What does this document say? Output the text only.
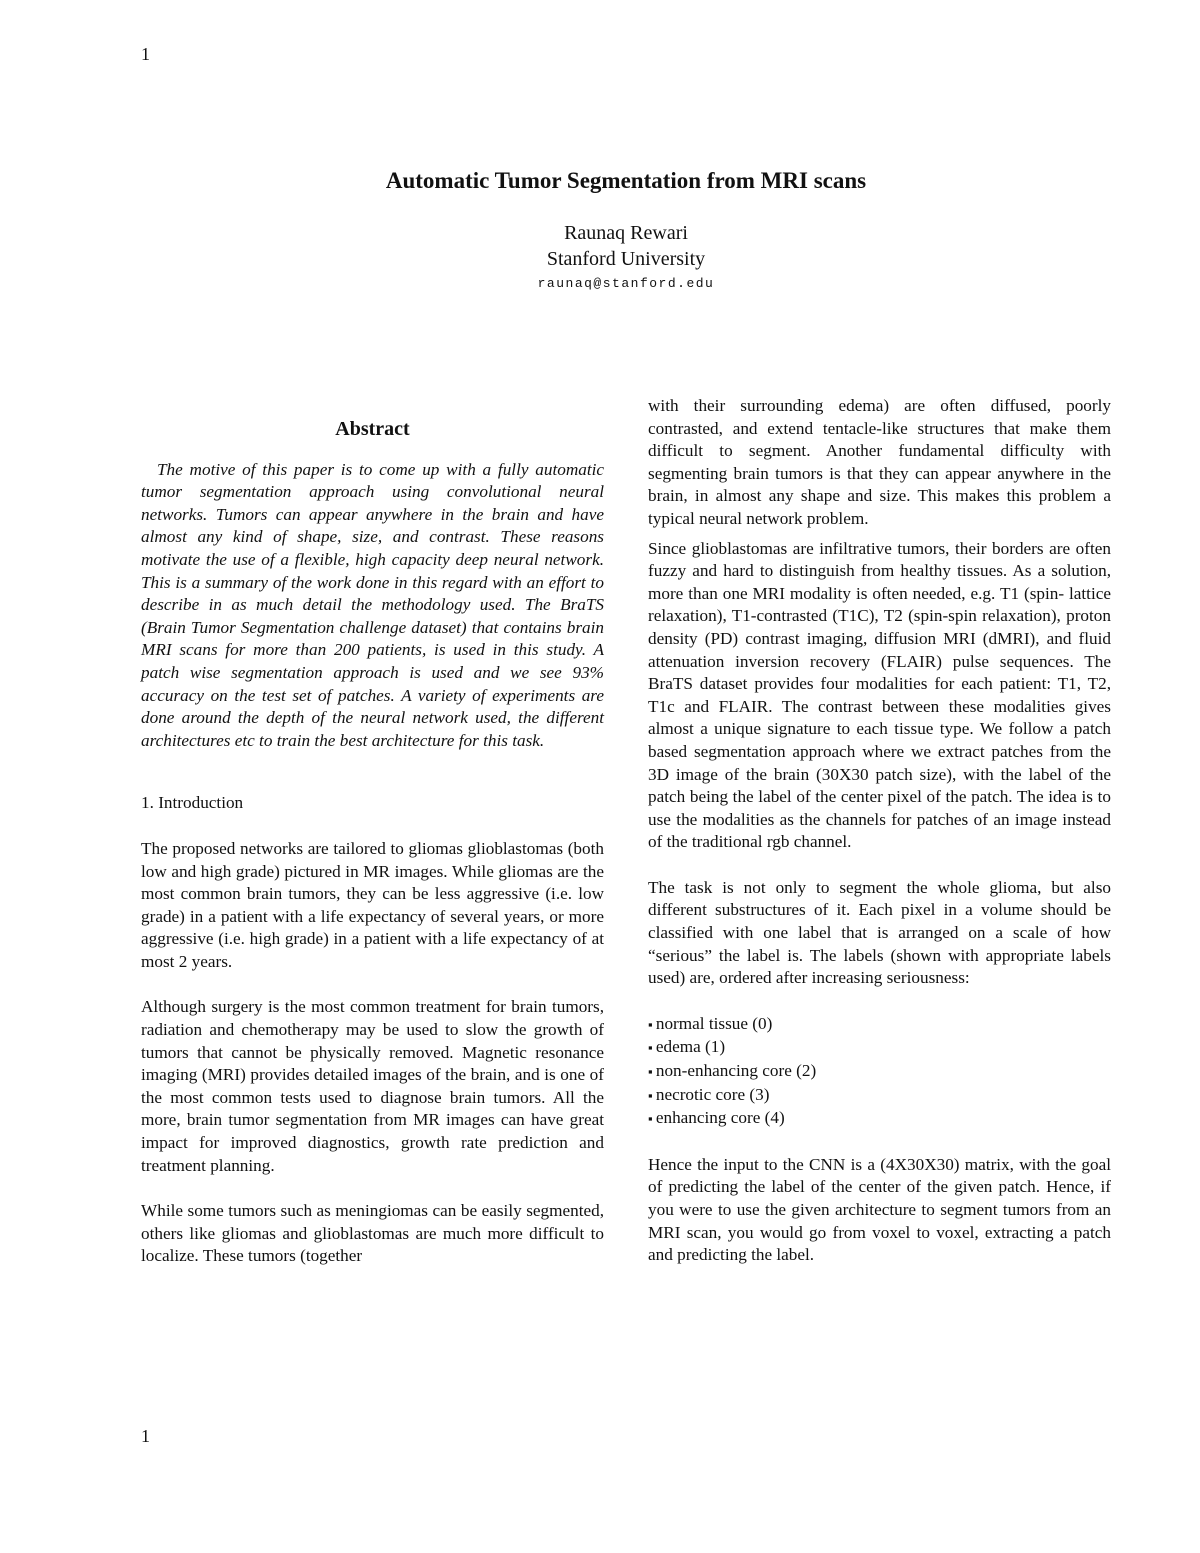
1
Automatic Tumor Segmentation from MRI scans
Raunaq Rewari
Stanford University
raunaq@stanford.edu

Abstract

The motive of this paper is to come up with a fully automatic tumor segmentation approach using convolutional neural networks. Tumors can appear anywhere in the brain and have almost any kind of shape, size, and contrast. These reasons motivate the use of a flexible, high capacity deep neural network. This is a summary of the work done in this regard with an effort to describe in as much detail the methodology used. The BraTS (Brain Tumor Segmentation challenge dataset) that contains brain MRI scans for more than 200 patients, is used in this study. A patch wise segmentation approach is used and we see 93% accuracy on the test set of patches. A variety of experiments are done around the depth of the neural network used, the different architectures etc to train the best architecture for this task.

1. Introduction

The proposed networks are tailored to gliomas glioblastomas (both low and high grade) pictured in MR images. While gliomas are the most common brain tumors, they can be less aggressive (i.e. low grade) in a patient with a life expectancy of several years, or more aggressive (i.e. high grade) in a patient with a life expectancy of at most 2 years.

Although surgery is the most common treatment for brain tumors, radiation and chemotherapy may be used to slow the growth of tumors that cannot be physically removed. Magnetic resonance imaging (MRI) provides detailed images of the brain, and is one of the most common tests used to diagnose brain tumors. All the more, brain tumor segmentation from MR images can have great impact for improved diagnostics, growth rate prediction and treatment planning.

While some tumors such as meningiomas can be easily segmented, others like gliomas and glioblastomas are much more difficult to localize. These tumors (together

with their surrounding edema) are often diffused, poorly contrasted, and extend tentacle-like structures that make them difficult to segment. Another fundamental difficulty with segmenting brain tumors is that they can appear anywhere in the brain, in almost any shape and size. This makes this problem a typical neural network problem.

Since glioblastomas are infiltrative tumors, their borders are often fuzzy and hard to distinguish from healthy tissues. As a solution, more than one MRI modality is often needed, e.g. T1 (spin- lattice relaxation), T1-contrasted (T1C), T2 (spin-spin relaxation), proton density (PD) contrast imaging, diffusion MRI (dMRI), and fluid attenuation inversion recovery (FLAIR) pulse sequences. The BraTS dataset provides four modalities for each patient: T1, T2, T1c and FLAIR. The contrast between these modalities gives almost a unique signature to each tissue type. We follow a patch based segmentation approach where we extract patches from the 3D image of the brain (30X30 patch size), with the label of the patch being the label of the center pixel of the patch. The idea is to use the modalities as the channels for patches of an image instead of the traditional rgb channel.

The task is not only to segment the whole glioma, but also different substructures of it. Each pixel in a volume should be classified with one label that is arranged on a scale of how “serious” the label is. The labels (shown with appropriate labels used) are, ordered after increasing seriousness:

▪ normal tissue (0)
▪ edema (1)
▪ non-enhancing core (2)
▪ necrotic core (3)
▪ enhancing core (4)

Hence the input to the CNN is a (4X30X30) matrix, with the goal of predicting the label of the center of the given patch. Hence, if you were to use the given architecture to segment tumors from an MRI scan, you would go from voxel to voxel, extracting a patch and predicting the label.

1
